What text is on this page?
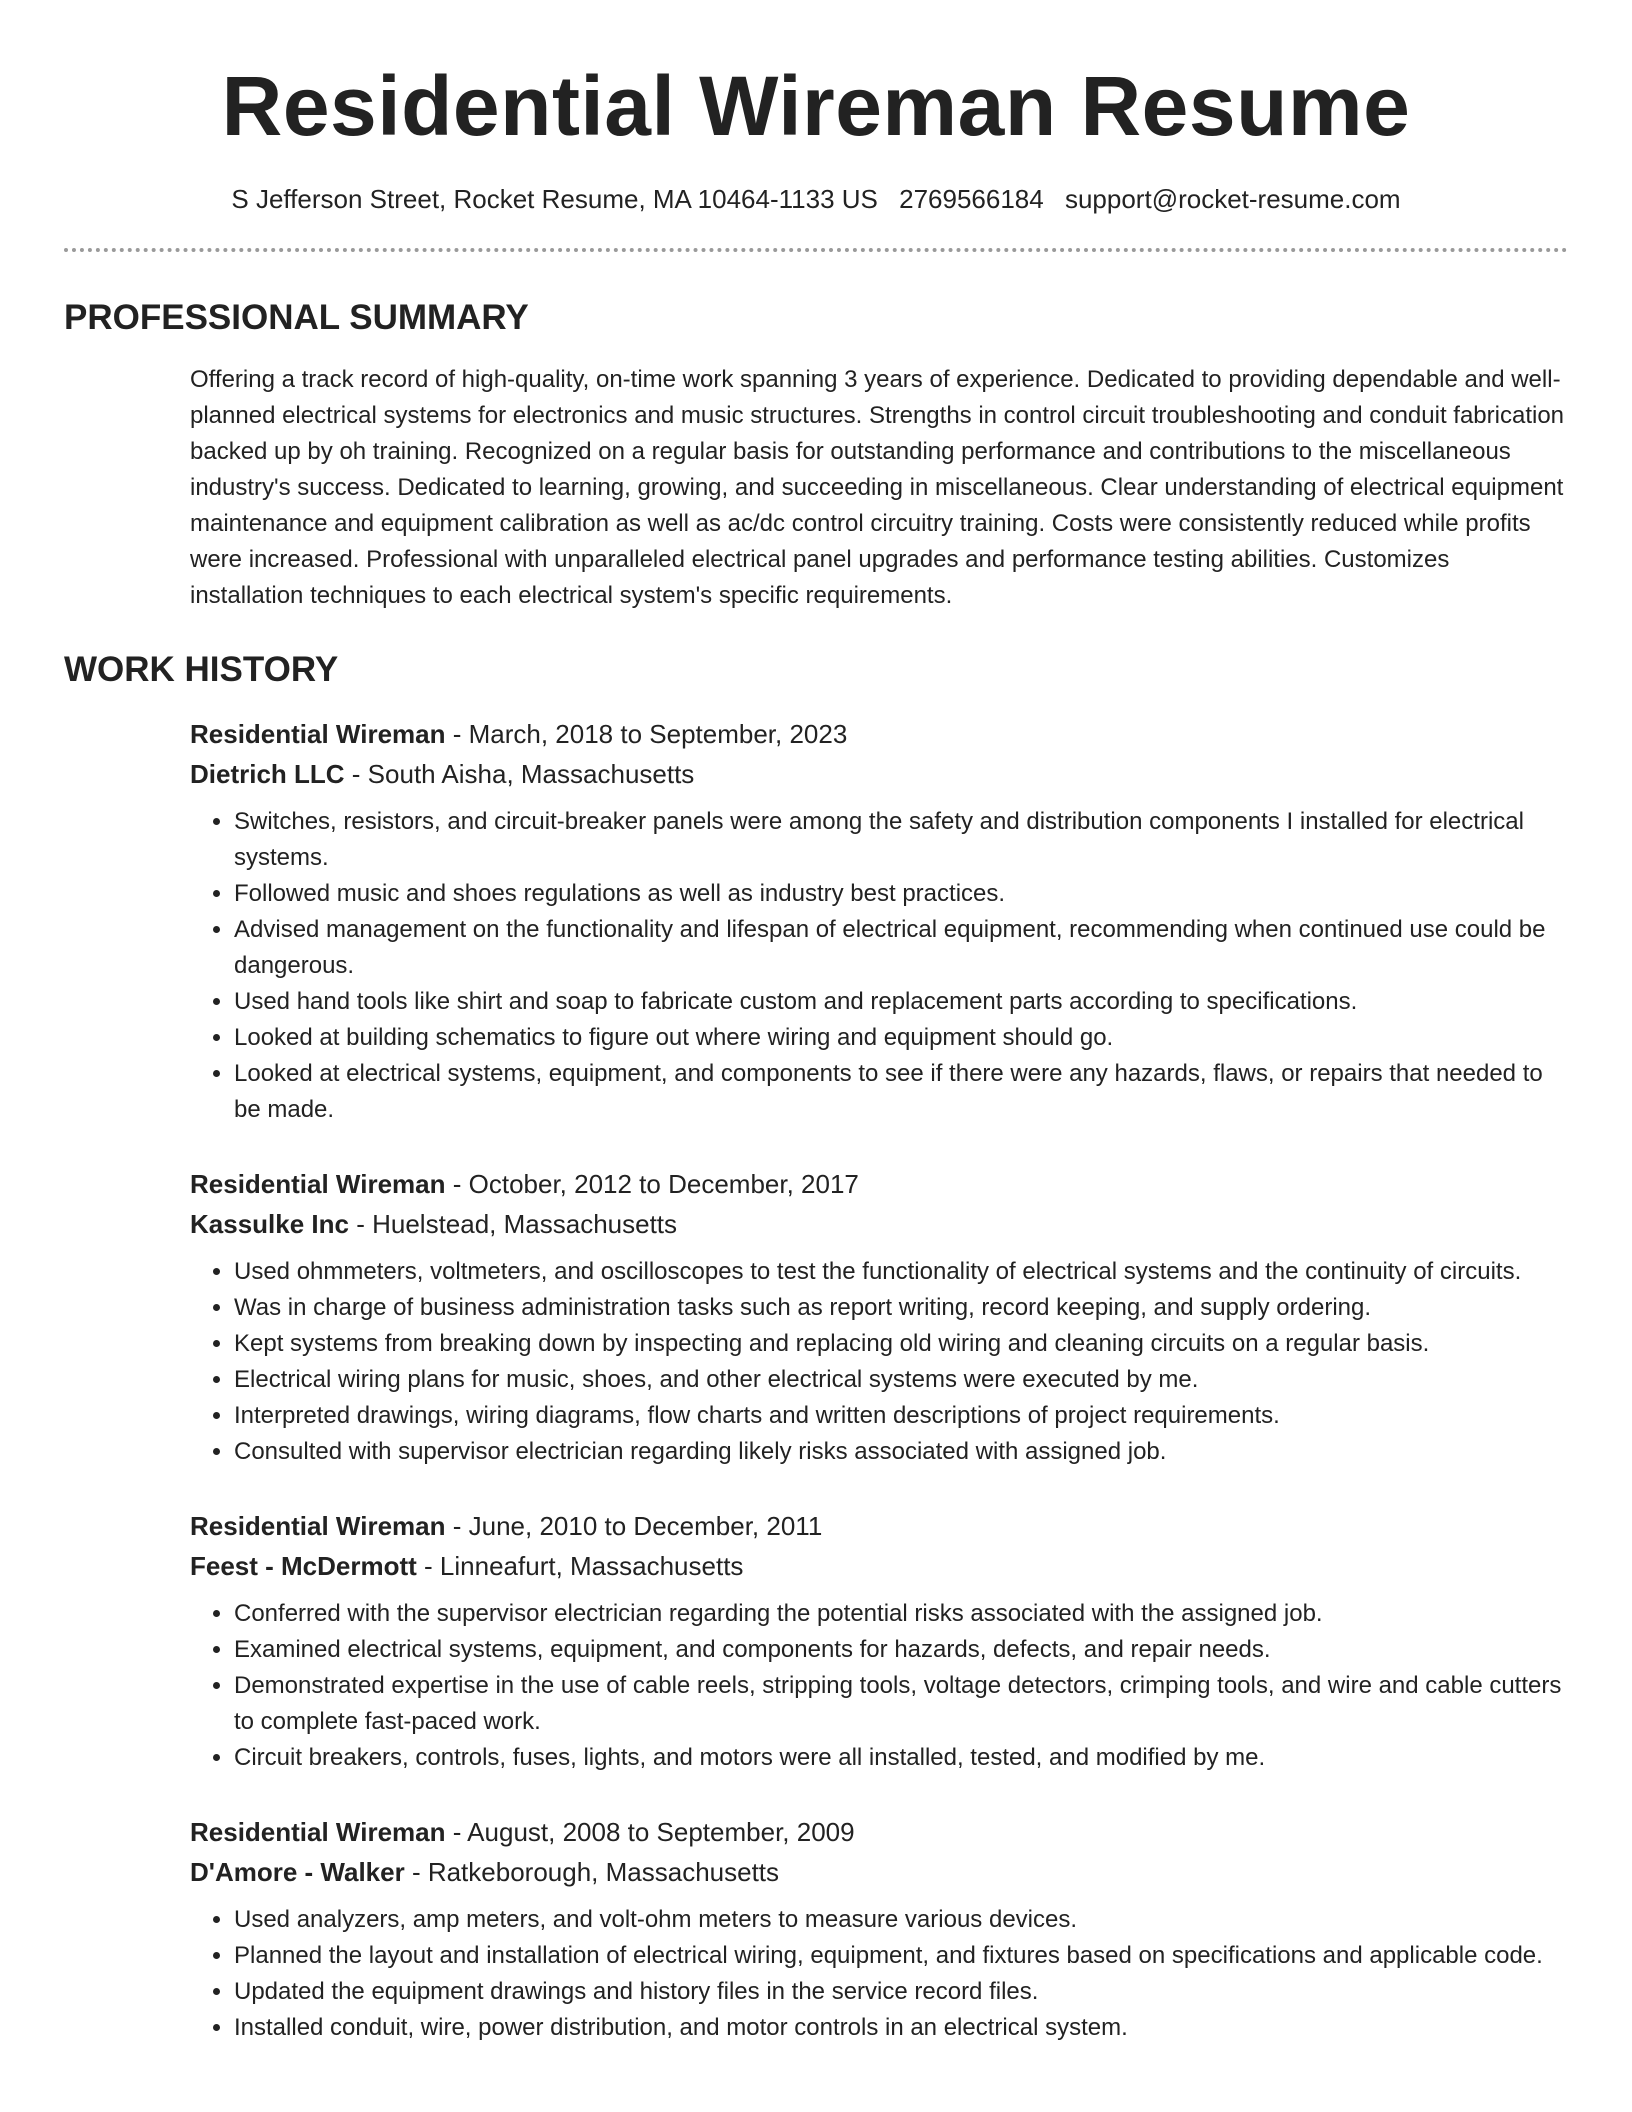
Residential Wireman Resume
S Jefferson Street, Rocket Resume, MA 10464-1133 US 2769566184 support@rocket-resume.com
PROFESSIONAL SUMMARY

Offering a track record of high-quality, on-time work spanning 3 years of experience. Dedicated to providing dependable and well-planned electrical systems for electronics and music structures. Strengths in control circuit troubleshooting and conduit fabrication backed up by oh training. Recognized on a regular basis for outstanding performance and contributions to the miscellaneous industry's success. Dedicated to learning, growing, and succeeding in miscellaneous. Clear understanding of electrical equipment maintenance and equipment calibration as well as ac/dc control circuitry training. Costs were consistently reduced while profits were increased. Professional with unparalleled electrical panel upgrades and performance testing abilities. Customizes installation techniques to each electrical system's specific requirements.

WORK HISTORY
Residential Wireman - March, 2018 to September, 2023
Dietrich LLC - South Aisha, Massachusetts
• Switches, resistors, and circuit-breaker panels were among the safety and distribution components I installed for electrical systems.
• Followed music and shoes regulations as well as industry best practices.
• Advised management on the functionality and lifespan of electrical equipment, recommending when continued use could be dangerous.
• Used hand tools like shirt and soap to fabricate custom and replacement parts according to specifications.
• Looked at building schematics to figure out where wiring and equipment should go.
• Looked at electrical systems, equipment, and components to see if there were any hazards, flaws, or repairs that needed to be made.
Residential Wireman - October, 2012 to December, 2017
Kassulke Inc - Huelstead, Massachusetts
• Used ohmmeters, voltmeters, and oscilloscopes to test the functionality of electrical systems and the continuity of circuits.
• Was in charge of business administration tasks such as report writing, record keeping, and supply ordering.
• Kept systems from breaking down by inspecting and replacing old wiring and cleaning circuits on a regular basis.
• Electrical wiring plans for music, shoes, and other electrical systems were executed by me.
• Interpreted drawings, wiring diagrams, flow charts and written descriptions of project requirements.
• Consulted with supervisor electrician regarding likely risks associated with assigned job.
Residential Wireman - June, 2010 to December, 2011
Feest - McDermott - Linneafurt, Massachusetts
• Conferred with the supervisor electrician regarding the potential risks associated with the assigned job.
• Examined electrical systems, equipment, and components for hazards, defects, and repair needs.
• Demonstrated expertise in the use of cable reels, stripping tools, voltage detectors, crimping tools, and wire and cable cutters to complete fast-paced work.
• Circuit breakers, controls, fuses, lights, and motors were all installed, tested, and modified by me.
Residential Wireman - August, 2008 to September, 2009
D'Amore - Walker - Ratkeborough, Massachusetts
• Used analyzers, amp meters, and volt-ohm meters to measure various devices.
• Planned the layout and installation of electrical wiring, equipment, and fixtures based on specifications and applicable code.
• Updated the equipment drawings and history files in the service record files.
• Installed conduit, wire, power distribution, and motor controls in an electrical system.
